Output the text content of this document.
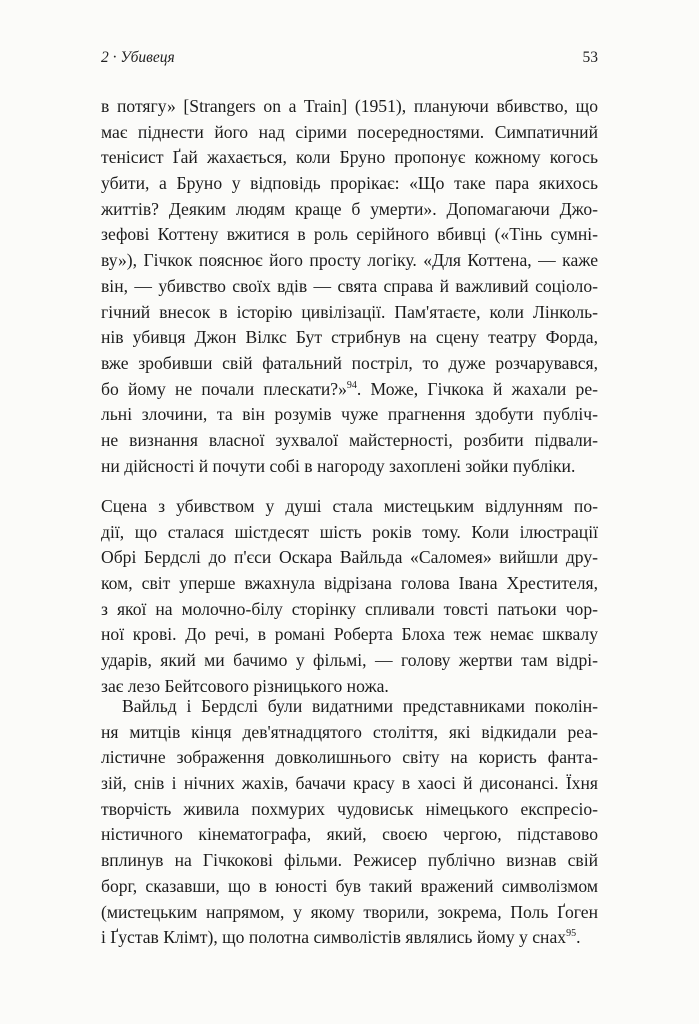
2 · Убивеця	53
в потягу» [Strangers on a Train] (1951), плануючи вбивство, що
має піднести його над сірими посередностями. Симпатичний
тенісист Ґай жахається, коли Бруно пропонує кожному когось
убити, а Бруно у відповідь прорікає: «Що таке пара якихось
життів? Деяким людям краще б умерти». Допомагаючи Джо-
зефові Коттену вжитися в роль серійного вбивці («Тінь сумні-
ву»), Гічкок пояснює його просту логіку. «Для Коттена, — каже
він, — убивство своїх вдів — свята справа й важливий соціоло-
гічний внесок в історію цивілізації. Пам'ятаєте, коли Лінколь-
нів убивця Джон Вілкс Бут стрибнув на сцену театру Форда,
вже зробивши свій фатальний постріл, то дуже розчарувався,
бо йому не почали плескати?»$^{94}$. Може, Гічкока й жахали ре-
льні злочини, та він розумів чуже прагнення здобути публіч-
не визнання власної зухвалої майстерності, розбити підвали-
ни дійсності й почути собі в нагороду захоплені зойки публіки.
Сцена з убивством у душі стала мистецьким відлунням по-
дії, що сталася шістдесят шість років тому. Коли ілюстрації
Обрі Бердслі до п'єси Оскара Вайльда «Саломея» вийшли дру-
ком, світ уперше вжахнула відрізана голова Івана Хрестителя,
з якої на молочно-білу сторінку спливали товсті патьоки чор-
ної крові. До речі, в романі Роберта Блоха теж немає шквалу
ударів, який ми бачимо у фільмі, — голову жертви там відрі-
зає лезо Бейтсового різницького ножа.
Вайльд і Бердслі були видатними представниками поколін-
ня митців кінця дев'ятнадцятого століття, які відкидали реа-
лістичне зображення довколишнього світу на користь фанта-
зій, снів і нічних жахів, бачачи красу в хаосі й дисонансі. Їхня
творчість живила похмурих чудовиськ німецького експресіо-
ністичного кінематографа, який, своєю чергою, підставово
вплинув на Гічкокові фільми. Режисер публічно визнав свій
борг, сказавши, що в юності був такий вражений символізмом
(мистецьким напрямом, у якому творили, зокрема, Поль Ґоген
і Ґустав Клімт), що полотна символістів являлись йому у снах$^{95}$.
